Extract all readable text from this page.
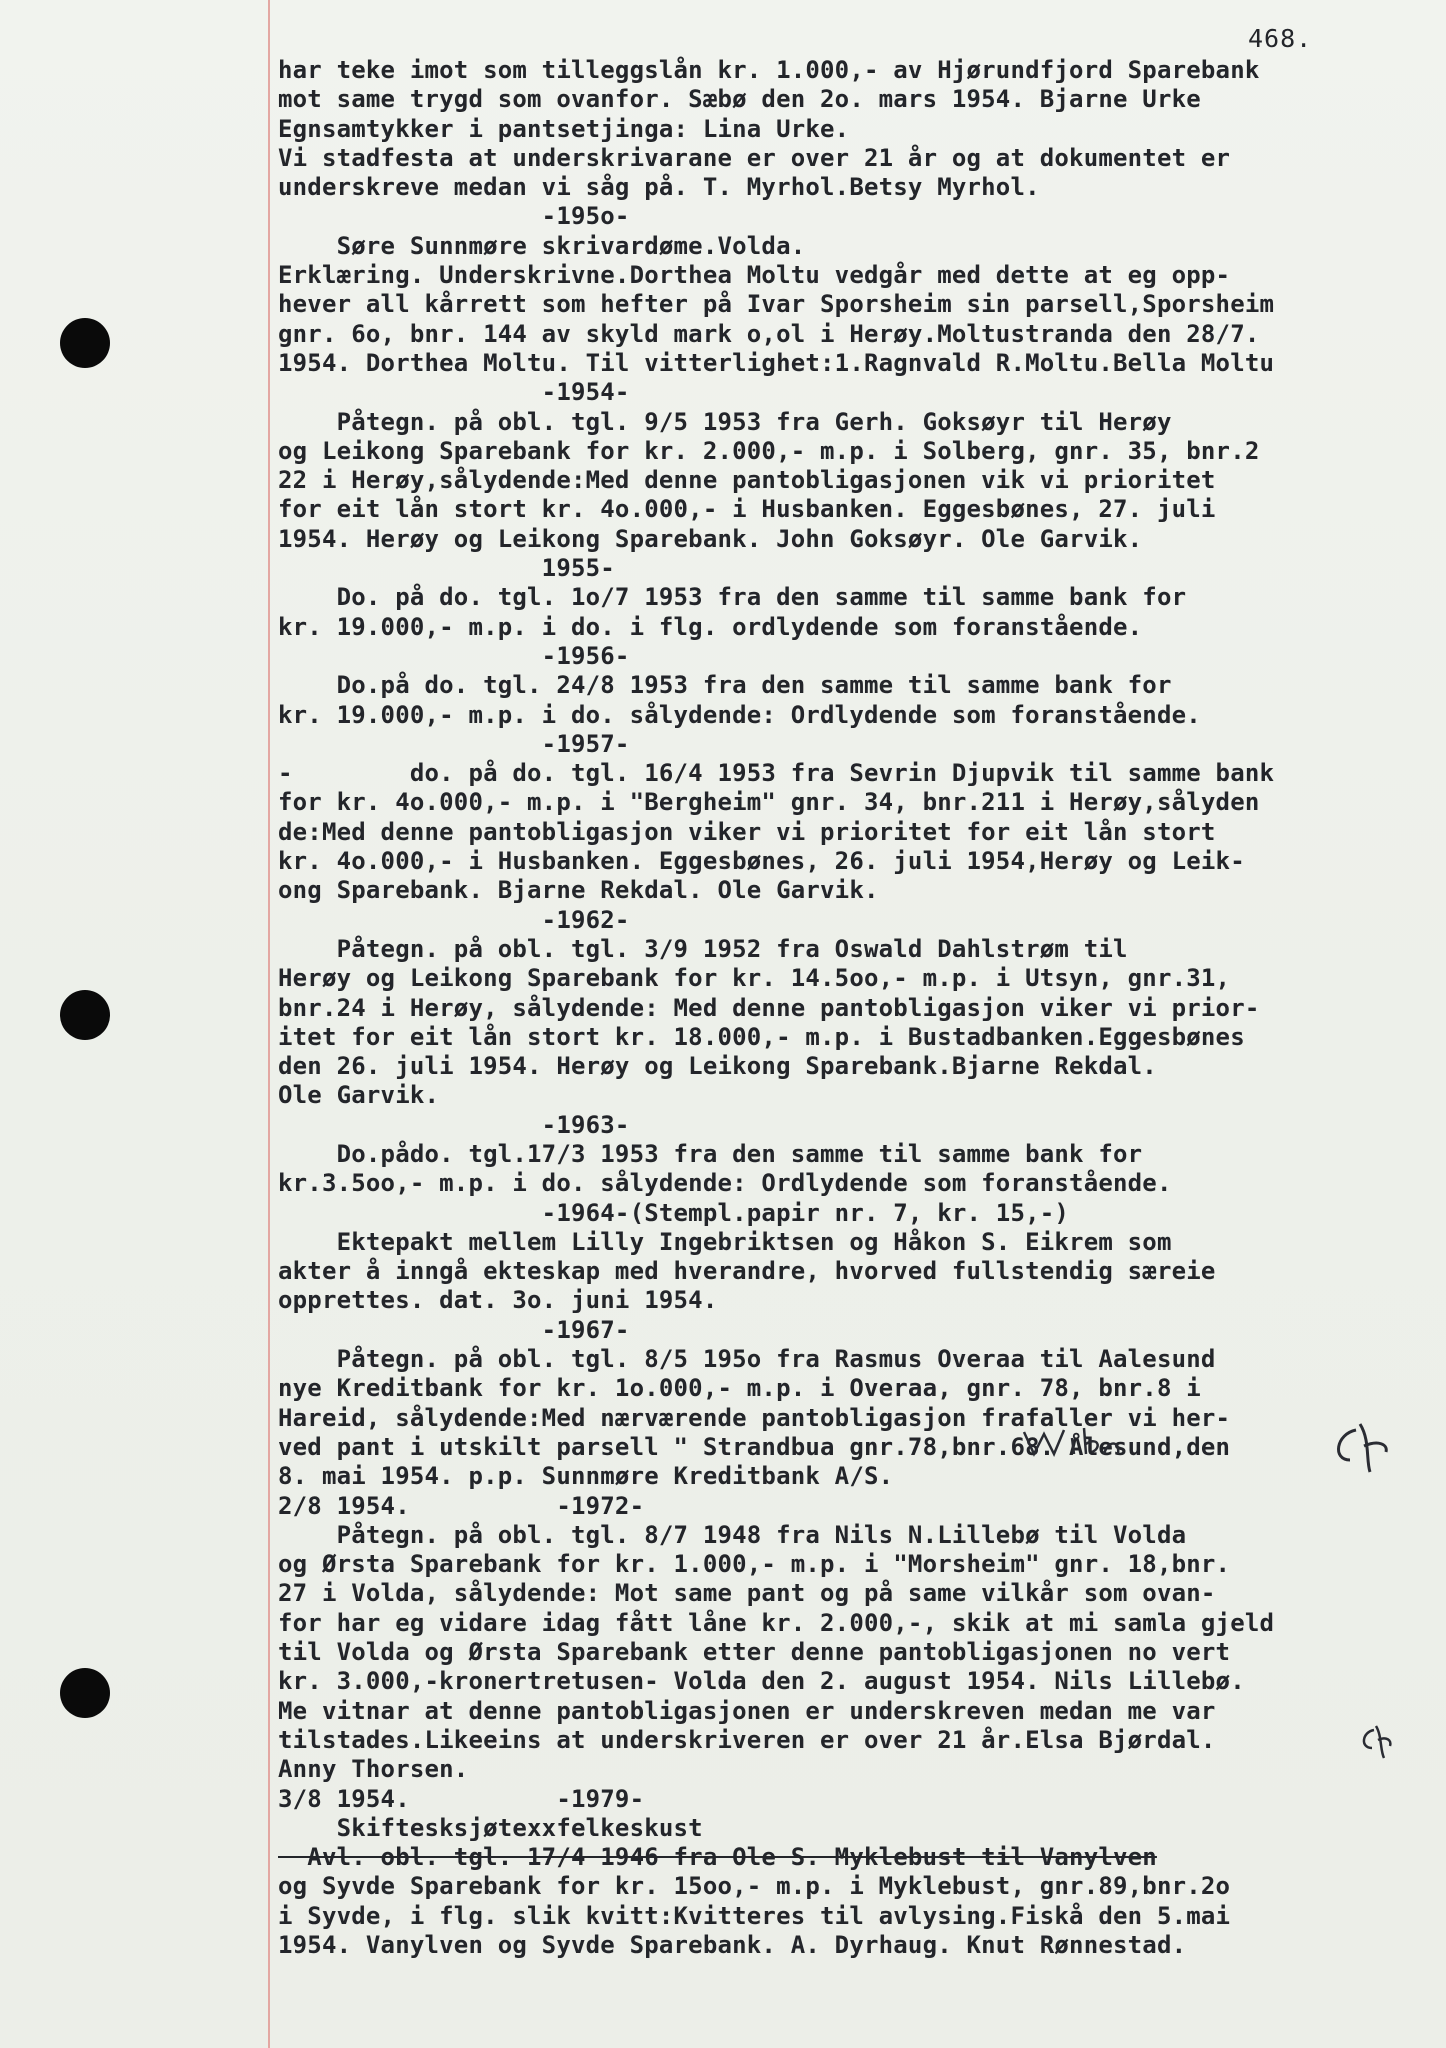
468.
har teke imot som tilleggslån kr. 1.000,- av Hjørundfjord Sparebank
mot same trygd som ovanfor. Sæbø den 2o. mars 1954. Bjarne Urke
Egnsamtykker i pantsetjinga: Lina Urke.
Vi stadfesta at underskrivarane er over 21 år og at dokumentet er
underskreve medan vi såg på. T. Myrhol.Betsy Myrhol.
-195o-
Søre Sunnmøre skrivardøme.Volda.
Erklæring. Underskrivne.Dorthea Moltu vedgår med dette at eg opp-
hever all kårrett som hefter på Ivar Sporsheim sin parsell,Sporsheim
gnr. 6o, bnr. 144 av skyld mark o,ol i Herøy.Moltustranda den 28/7.
1954. Dorthea Moltu. Til vitterlighet:1.Ragnvald R.Moltu.Bella Moltu
-1954-
Påtegn. på obl. tgl. 9/5 1953 fra Gerh. Goksøyr til Herøy
og Leikong Sparebank for kr. 2.000,- m.p. i Solberg, gnr. 35, bnr.2
22 i Herøy,sålydende:Med denne pantobligasjonen vik vi prioritet
for eit lån stort kr. 4o.000,- i Husbanken. Eggesbønes, 27. juli
1954. Herøy og Leikong Sparebank. John Goksøyr. Ole Garvik.
1955-
Do. på do. tgl. 1o/7 1953 fra den samme til samme bank for
kr. 19.000,- m.p. i do. i flg. ordlydende som foranstående.
-1956-
Do.på do. tgl. 24/8 1953 fra den samme til samme bank for
kr. 19.000,- m.p. i do. sålydende: Ordlydende som foranstående.
-1957-
-        do. på do. tgl. 16/4 1953 fra Sevrin Djupvik til samme bank
for kr. 4o.000,- m.p. i "Bergheim" gnr. 34, bnr.211 i Herøy,sålyden
de:Med denne pantobligasjon viker vi prioritet for eit lån stort
kr. 4o.000,- i Husbanken. Eggesbønes, 26. juli 1954,Herøy og Leik-
ong Sparebank. Bjarne Rekdal. Ole Garvik.
-1962-
Påtegn. på obl. tgl. 3/9 1952 fra Oswald Dahlstrøm til
Herøy og Leikong Sparebank for kr. 14.5oo,- m.p. i Utsyn, gnr.31,
bnr.24 i Herøy, sålydende: Med denne pantobligasjon viker vi prior-
itet for eit lån stort kr. 18.000,- m.p. i Bustadbanken.Eggesbønes
den 26. juli 1954. Herøy og Leikong Sparebank.Bjarne Rekdal.
Ole Garvik.
-1963-
Do.pådo. tgl.17/3 1953 fra den samme til samme bank for
kr.3.5oo,- m.p. i do. sålydende: Ordlydende som foranstående.
-1964-(Stempl.papir nr. 7, kr. 15,-)
Ektepakt mellem Lilly Ingebriktsen og Håkon S. Eikrem som
akter å inngå ekteskap med hverandre, hvorved fullstendig særeie
opprettes. dat. 3o. juni 1954.
-1967-
Påtegn. på obl. tgl. 8/5 195o fra Rasmus Overaa til Aalesund
nye Kreditbank for kr. 1o.000,- m.p. i Overaa, gnr. 78, bnr.8 i
Hareid, sålydende:Med nærværende pantobligasjon frafaller vi her-
ved pant i utskilt parsell " Strandbua gnr.78,bnr.68. Ålesund,den
8. mai 1954. p.p. Sunnmøre Kreditbank A/S.
2/8 1954.          -1972-
Påtegn. på obl. tgl. 8/7 1948 fra Nils N.Lillebø til Volda
og Ørsta Sparebank for kr. 1.000,- m.p. i "Morsheim" gnr. 18,bnr.
27 i Volda, sålydende: Mot same pant og på same vilkår som ovan-
for har eg vidare idag fått låne kr. 2.000,-, skik at mi samla gjeld
til Volda og Ørsta Sparebank etter denne pantobligasjonen no vert
kr. 3.000,-kronertretusen- Volda den 2. august 1954. Nils Lillebø.
Me vitnar at denne pantobligasjonen er underskreven medan me var
tilstades.Likeeins at underskriveren er over 21 år.Elsa Bjørdal.
Anny Thorsen.
3/8 1954.          -1979-
Skiftesksjøtexxfelkeskust
Avl. obl. tgl. 17/4 1946 fra Ole S. Myklebust til Vanylven
og Syvde Sparebank for kr. 15oo,- m.p. i Myklebust, gnr.89,bnr.2o
i Syvde, i flg. slik kvitt:Kvitteres til avlysing.Fiskå den 5.mai
1954. Vanylven og Syvde Sparebank. A. Dyrhaug. Knut Rønnestad.
